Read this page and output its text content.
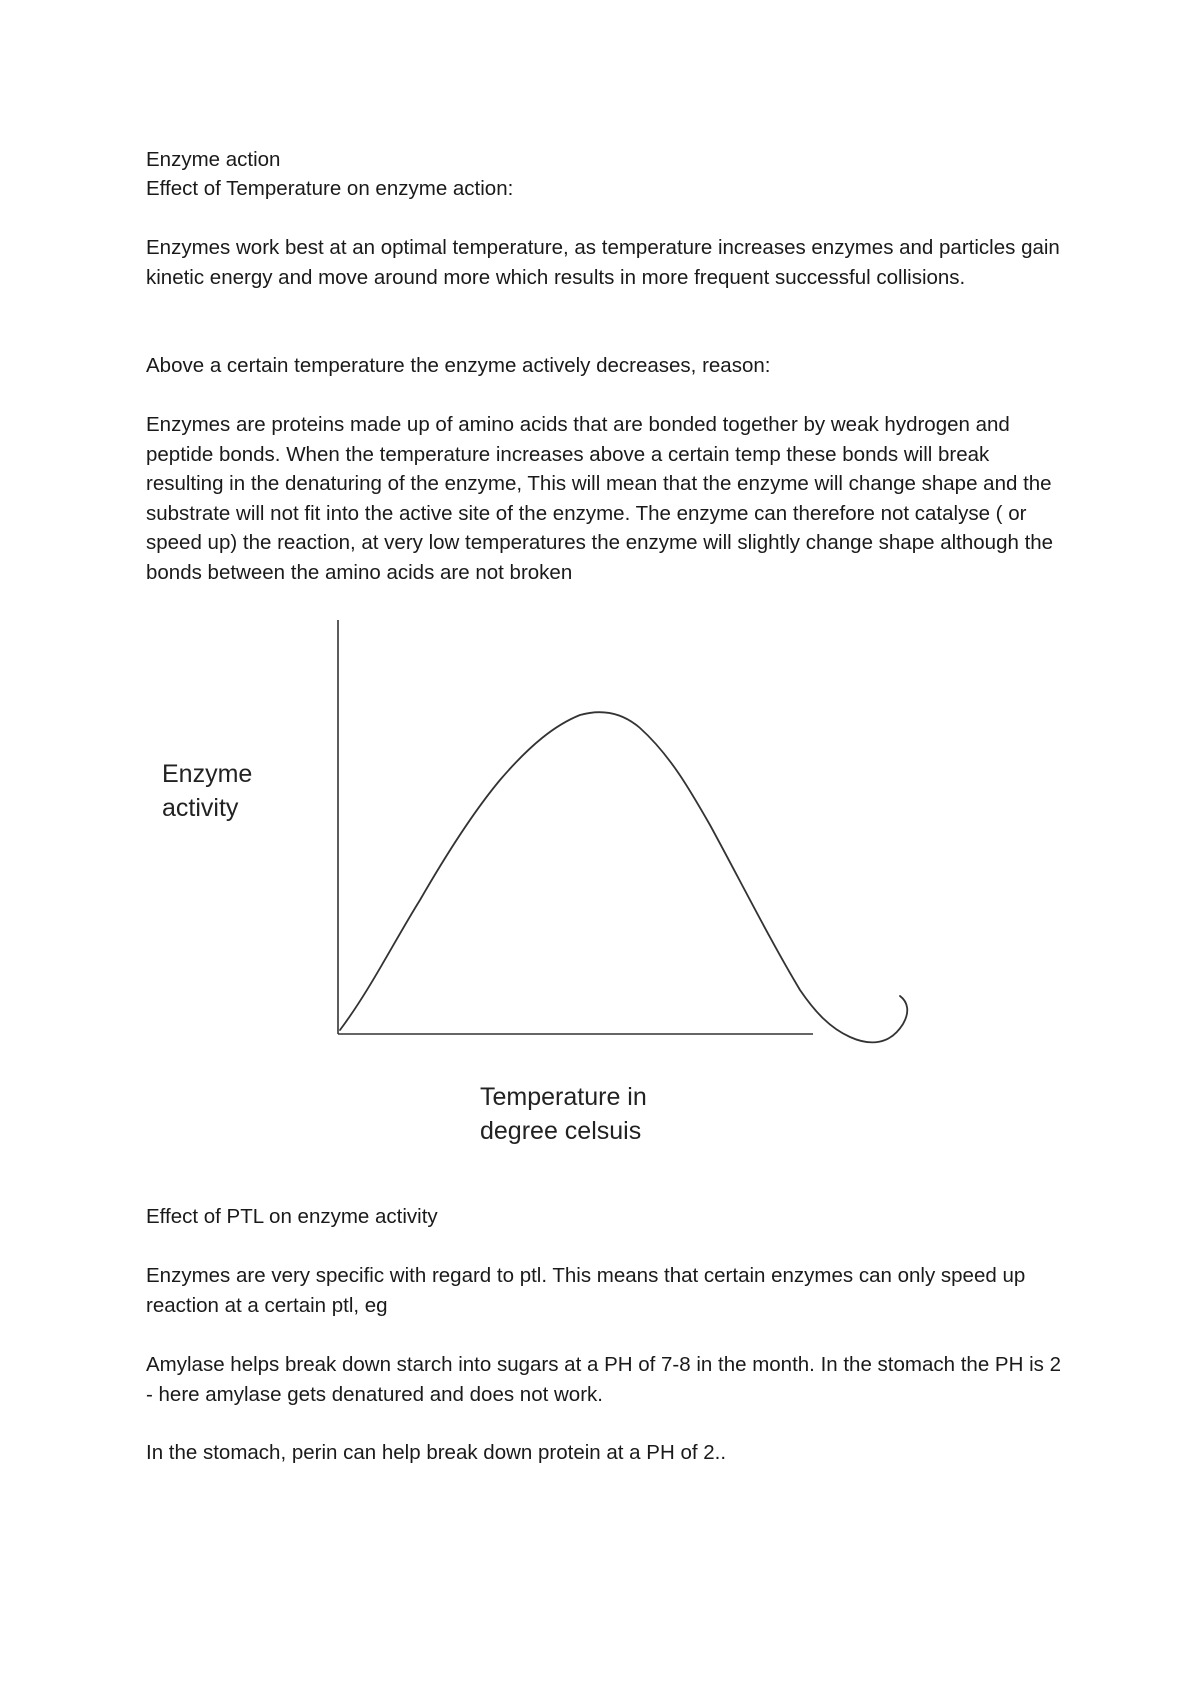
Enzyme action

Effect of Temperature on enzyme action:

Enzymes work best at an optimal temperature, as temperature increases enzymes and particles gain kinetic energy and move around more which results in more frequent successful collisions.

Above a certain temperature the enzyme actively decreases, reason:

Enzymes are proteins made up of amino acids that are bonded together by weak hydrogen and peptide bonds. When the temperature increases above a certain temp these bonds will break resulting in the denaturing of the enzyme, This will mean that the enzyme will change shape and the substrate will not fit into the active site of the enzyme. The enzyme can therefore not catalyse ( or speed up) the reaction, at very low temperatures the enzyme will slightly change shape although the bonds between the amino acids are not broken

Enzyme
activity
Temperature in
degree celsuis

Effect of PTL on enzyme activity

Enzymes are very specific with regard to ptl. This means that certain enzymes can only speed up reaction at a certain ptl, eg

Amylase helps break down starch into sugars at a PH of 7-8 in the month. In the stomach the PH is 2 - here amylase gets denatured and does not work.

In the stomach, perin can help break down protein at a PH of 2..
